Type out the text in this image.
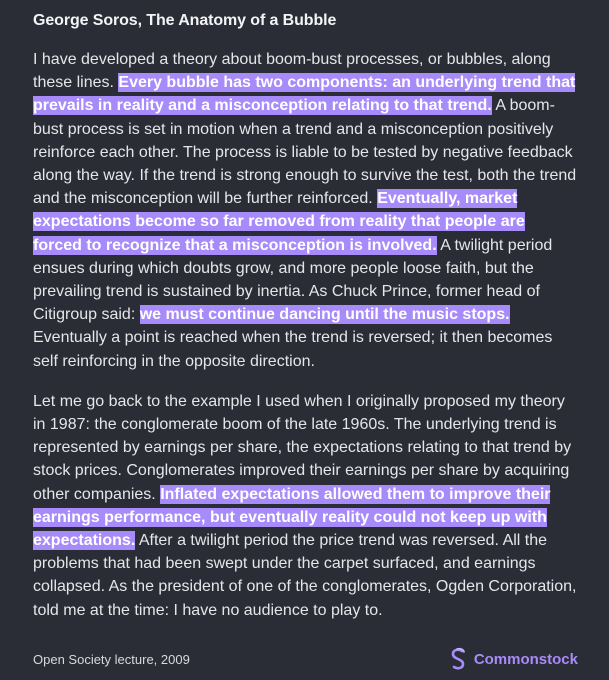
George Soros, The Anatomy of a Bubble

I have developed a theory about boom-bust processes, or bubbles, along these lines. Every bubble has two components: an underlying trend that prevails in reality and a misconception relating to that trend. A boom-bust process is set in motion when a trend and a misconception positively reinforce each other. The process is liable to be tested by negative feedback along the way. If the trend is strong enough to survive the test, both the trend and the misconception will be further reinforced. Eventually, market expectations become so far removed from reality that people are forced to recognize that a misconception is involved. A twilight period ensues during which doubts grow, and more people loose faith, but the prevailing trend is sustained by inertia. As Chuck Prince, former head of Citigroup said: we must continue dancing until the music stops. Eventually a point is reached when the trend is reversed; it then becomes self reinforcing in the opposite direction.

Let me go back to the example I used when I originally proposed my theory in 1987: the conglomerate boom of the late 1960s. The underlying trend is represented by earnings per share, the expectations relating to that trend by stock prices. Conglomerates improved their earnings per share by acquiring other companies. Inflated expectations allowed them to improve their earnings performance, but eventually reality could not keep up with expectations. After a twilight period the price trend was reversed. All the problems that had been swept under the carpet surfaced, and earnings collapsed. As the president of one of the conglomerates, Ogden Corporation, told me at the time: I have no audience to play to.

Open Society lecture, 2009	Commonstock
